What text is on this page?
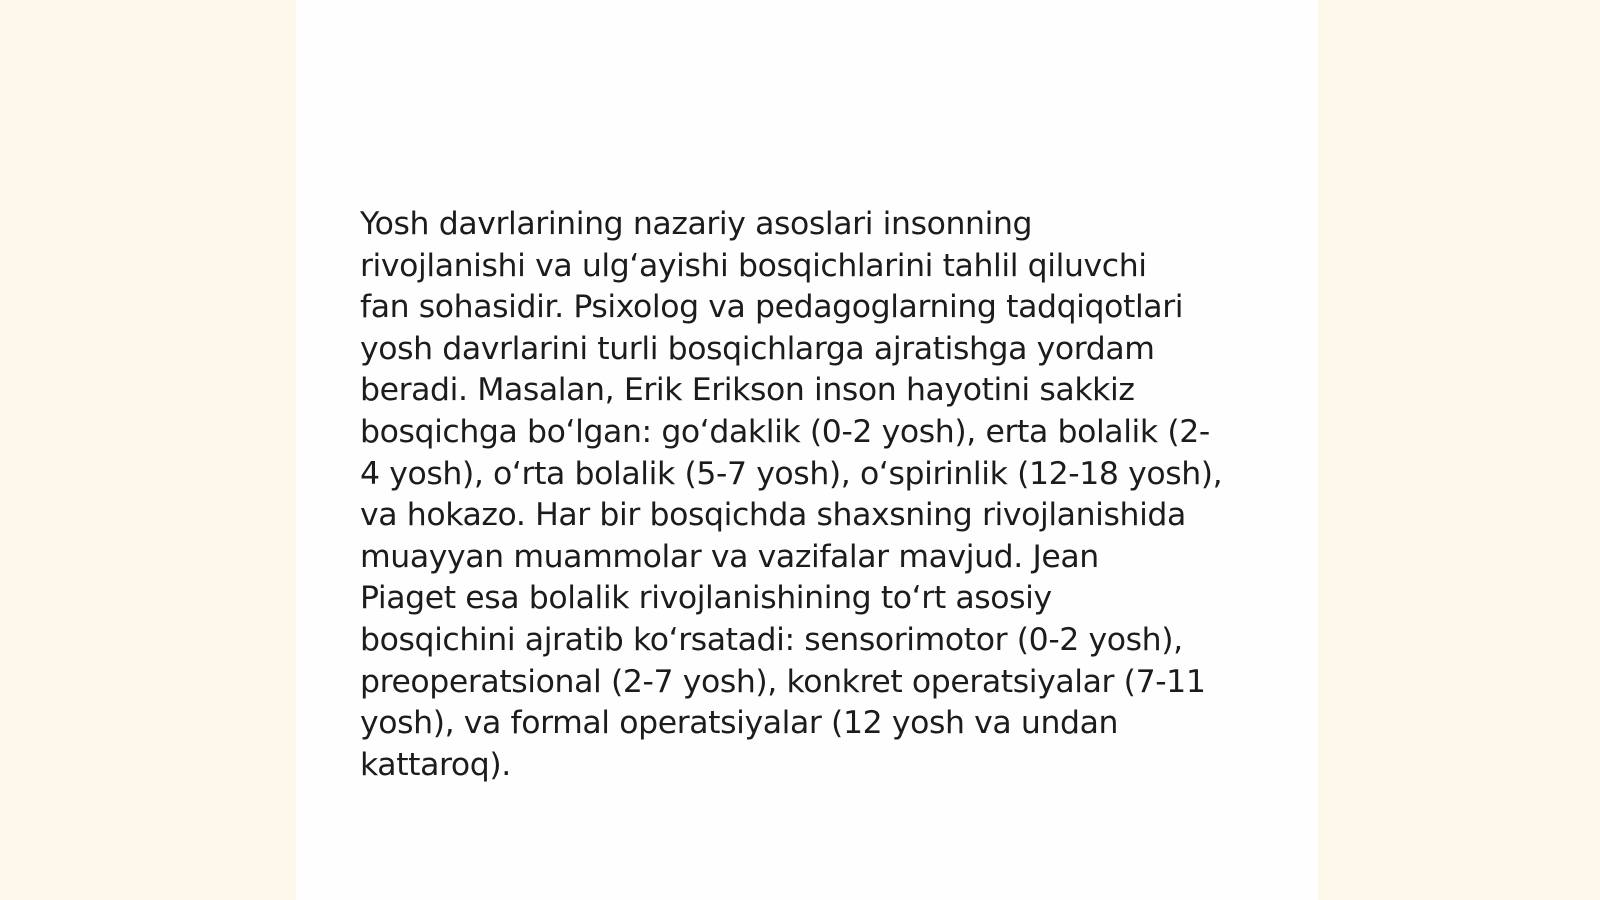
Yosh davrlarining nazariy asoslari insonning
rivojlanishi va ulg‘ayishi bosqichlarini tahlil qiluvchi
fan sohasidir. Psixolog va pedagoglarning tadqiqotlari
yosh davrlarini turli bosqichlarga ajratishga yordam
beradi. Masalan, Erik Erikson inson hayotini sakkiz
bosqichga bo‘lgan: go‘daklik (0-2 yosh), erta bolalik (2-
4 yosh), o‘rta bolalik (5-7 yosh), o‘spirinlik (12-18 yosh),
va hokazo. Har bir bosqichda shaxsning rivojlanishida
muayyan muammolar va vazifalar mavjud. Jean
Piaget esa bolalik rivojlanishining to‘rt asosiy
bosqichini ajratib ko‘rsatadi: sensorimotor (0-2 yosh),
preoperatsional (2-7 yosh), konkret operatsiyalar (7-11
yosh), va formal operatsiyalar (12 yosh va undan
kattaroq).
